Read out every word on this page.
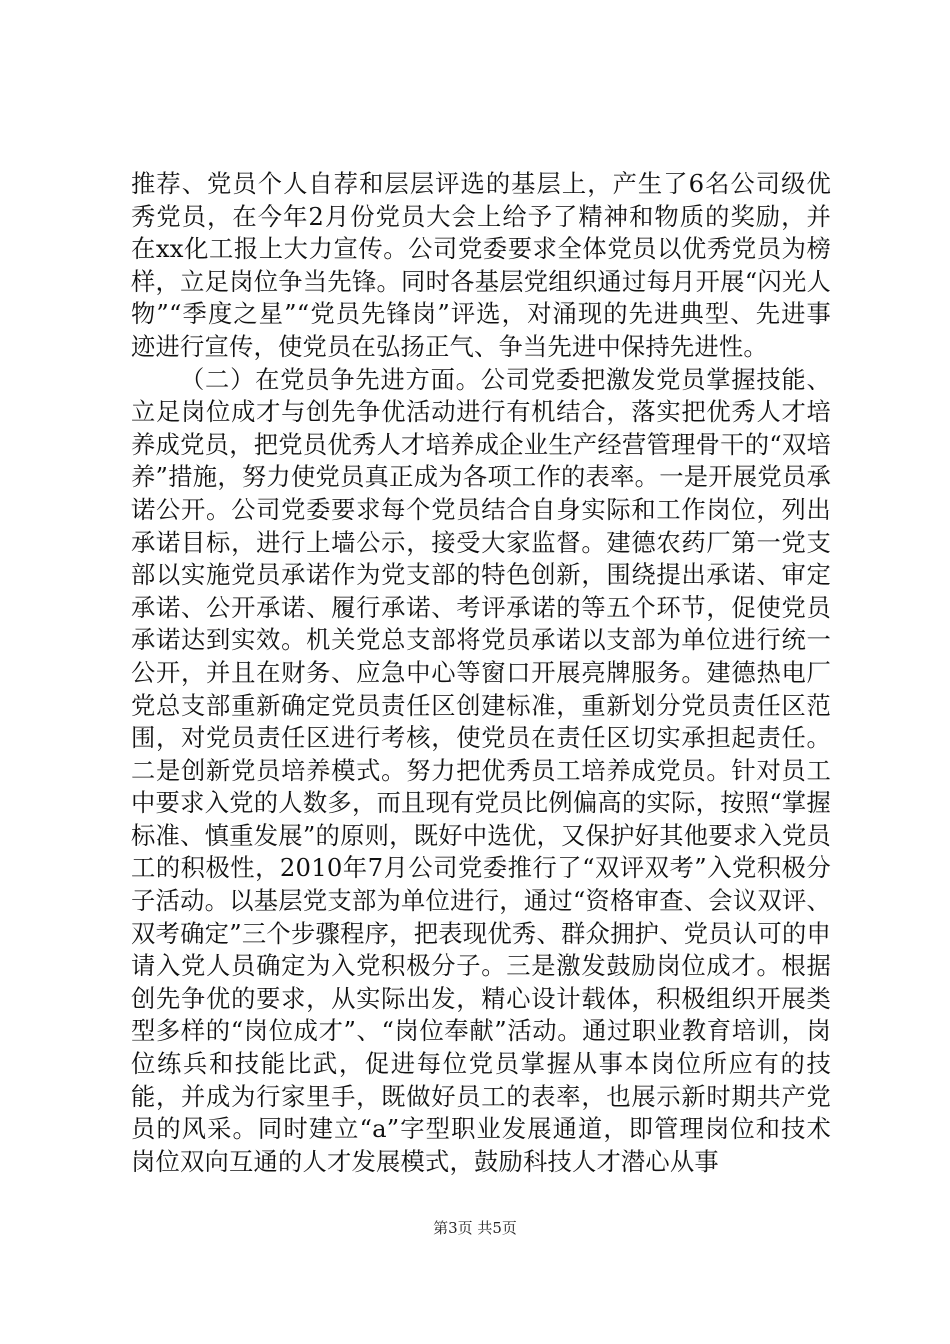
推荐、党员个人自荐和层层评选的基层上，产生了6名公司级优秀党员，在今年2月份党员大会上给予了精神和物质的奖励，并在xx化工报上大力宣传。公司党委要求全体党员以优秀党员为榜样，立足岗位争当先锋。同时各基层党组织通过每月开展“闪光人物”“季度之星”“党员先锋岗”评选，对涌现的先进典型、先进事迹进行宣传，使党员在弘扬正气、争当先进中保持先进性。

（二）在党员争先进方面。公司党委把激发党员掌握技能、立足岗位成才与创先争优活动进行有机结合，落实把优秀人才培养成党员，把党员优秀人才培养成企业生产经营管理骨干的“双培养”措施，努力使党员真正成为各项工作的表率。一是开展党员承诺公开。公司党委要求每个党员结合自身实际和工作岗位，列出承诺目标，进行上墙公示，接受大家监督。建德农药厂第一党支部以实施党员承诺作为党支部的特色创新，围绕提出承诺、审定承诺、公开承诺、履行承诺、考评承诺的等五个环节，促使党员承诺达到实效。机关党总支部将党员承诺以支部为单位进行统一公开，并且在财务、应急中心等窗口开展亮牌服务。建德热电厂党总支部重新确定党员责任区创建标准，重新划分党员责任区范围，对党员责任区进行考核，使党员在责任区切实承担起责任。二是创新党员培养模式。努力把优秀员工培养成党员。针对员工中要求入党的人数多，而且现有党员比例偏高的实际，按照“掌握标准、慎重发展”的原则，既好中选优，又保护好其他要求入党员工的积极性，2010年7月公司党委推行了“双评双考”入党积极分子活动。以基层党支部为单位进行，通过“资格审查、会议双评、双考确定”三个步骤程序，把表现优秀、群众拥护、党员认可的申请入党人员确定为入党积极分子。三是激发鼓励岗位成才。根据创先争优的要求，从实际出发，精心设计载体，积极组织开展类型多样的“岗位成才”、“岗位奉献”活动。通过职业教育培训，岗位练兵和技能比武，促进每位党员掌握从事本岗位所应有的技能，并成为行家里手，既做好员工的表率，也展示新时期共产党员的风采。同时建立“a”字型职业发展通道，即管理岗位和技术岗位双向互通的人才发展模式，鼓励科技人才潜心从事

第3页 共5页
